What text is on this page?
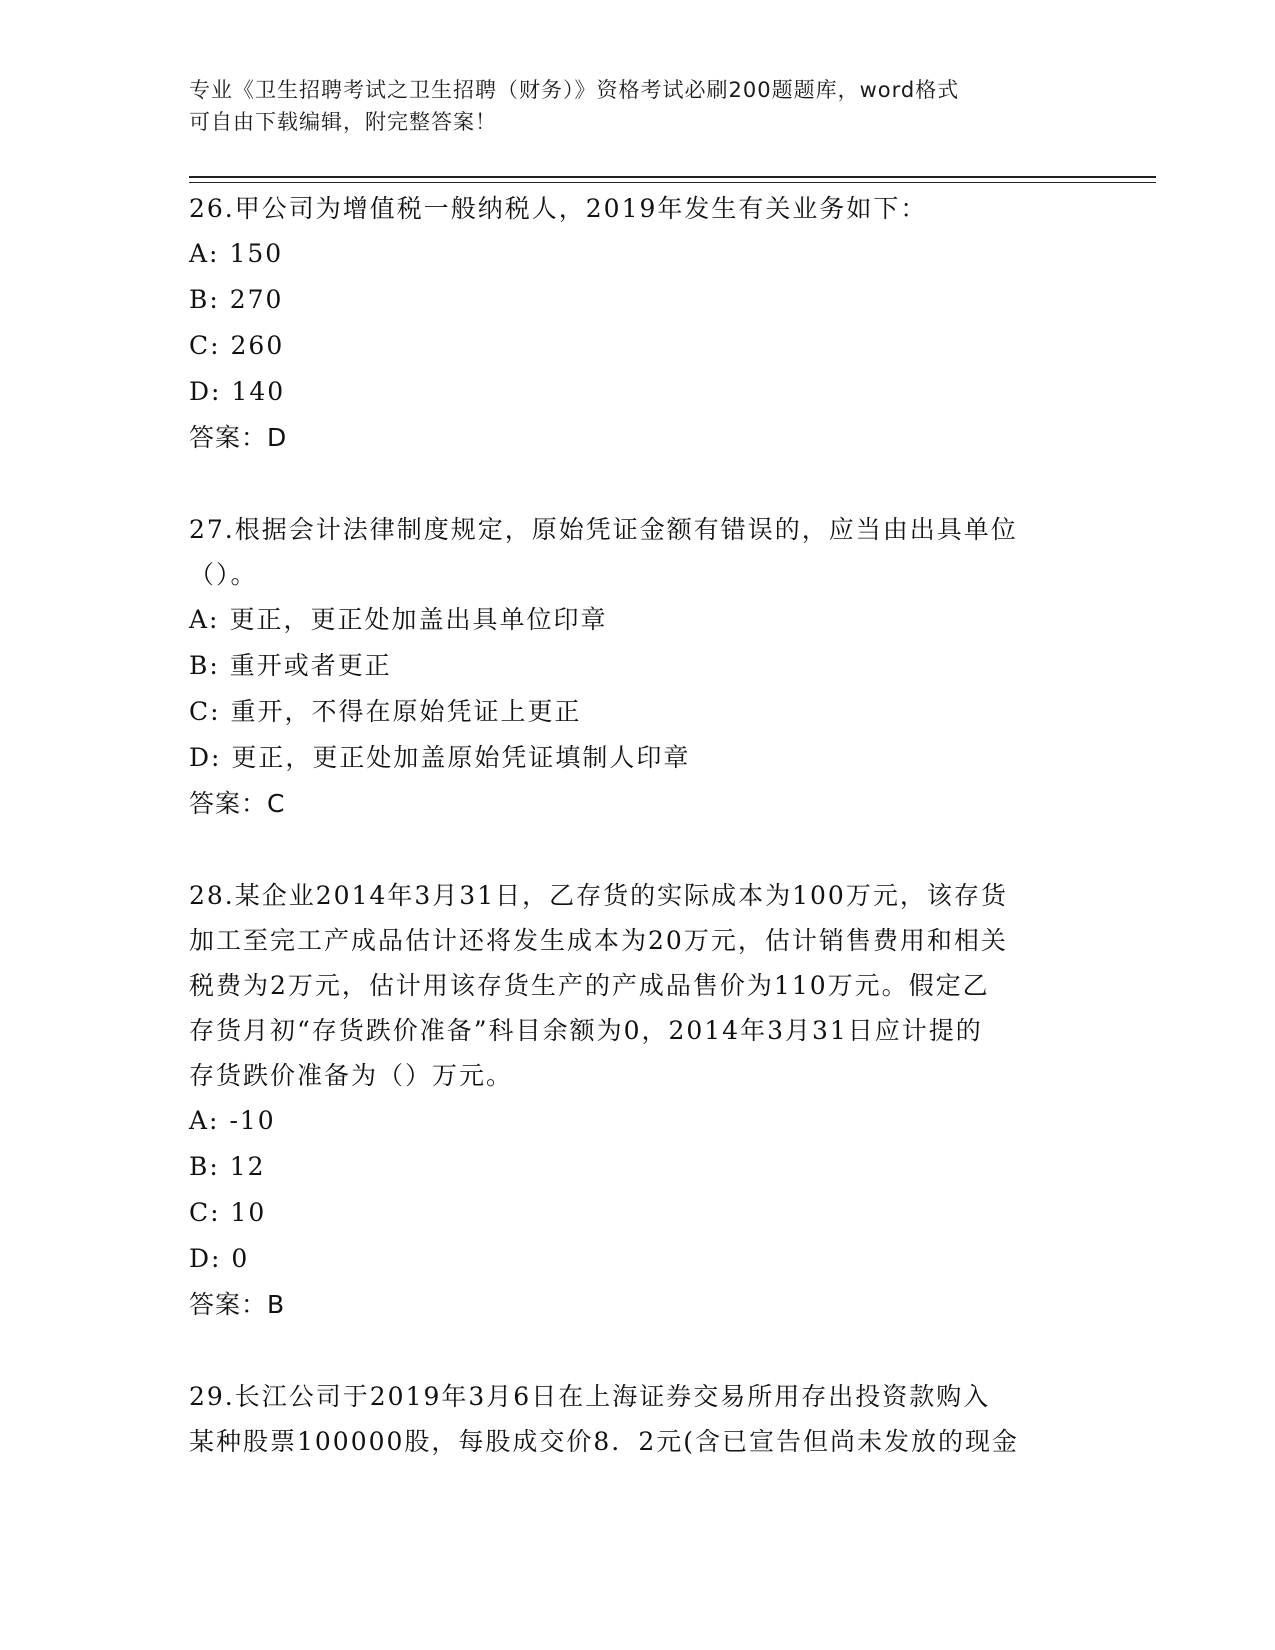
专业《卫生招聘考试之卫生招聘（财务）》资格考试必刷200题题库，word格式
可自由下载编辑，附完整答案！

26.甲公司为增值税一般纳税人，2019年发生有关业务如下：

A: 150

B: 270

C: 260

D: 140

答案：D

27.根据会计法律制度规定，原始凭证金额有错误的，应当由出具单位

（）。

A: 更正，更正处加盖出具单位印章

B: 重开或者更正

C: 重开，不得在原始凭证上更正

D: 更正，更正处加盖原始凭证填制人印章

答案：C

28.某企业2014年3月31日，乙存货的实际成本为100万元，该存货

加工至完工产成品估计还将发生成本为20万元，估计销售费用和相关

税费为2万元，估计用该存货生产的产成品售价为110万元。假定乙

存货月初“存货跌价准备”科目余额为0，2014年3月31日应计提的

存货跌价准备为（）万元。

A: -10

B: 12

C: 10

D: 0

答案：B

29.长江公司于2019年3月6日在上海证券交易所用存出投资款购入

某种股票100000股，每股成交价8．2元(含已宣告但尚未发放的现金
